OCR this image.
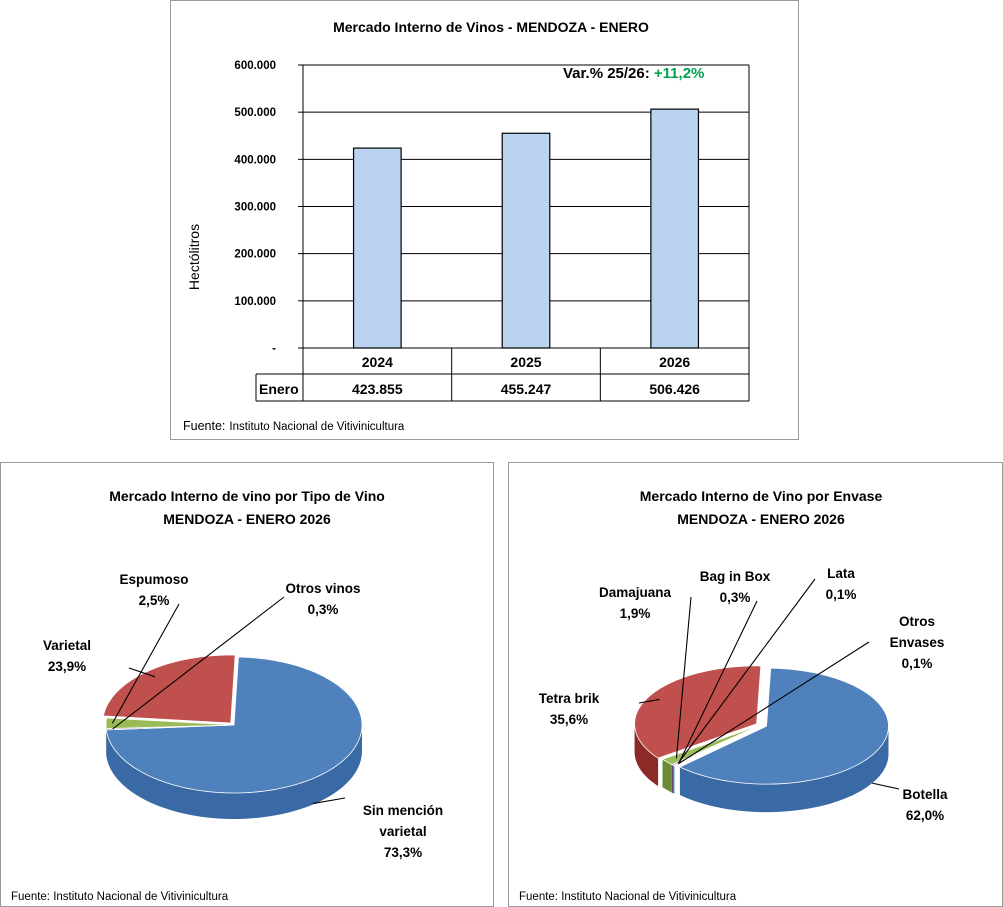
Mercado Interno de Vinos - MENDOZA - ENERO
-
100.000
200.000
300.000
400.000
500.000
600.000
Hectólitros
Var.% 25/26: +11,2%
2024
423.855
2025
455.247
2026
506.426
Enero
Fuente: Instituto Nacional de Vitivinicultura
Mercado Interno de vino por Tipo de Vino
MENDOZA - ENERO 2026
Sin mención
varietal
73,3%
Otros vinos
0,3%
Espumoso
2,5%
Varietal
23,9%
Fuente: Instituto Nacional de Vitivinicultura
Mercado Interno de Vino por Envase
MENDOZA - ENERO 2026
Botella
62,0%
Otros
Envases
0,1%
Lata
0,1%
Bag in Box
0,3%
Damajuana
1,9%
Tetra brik
35,6%
Fuente: Instituto Nacional de Vitivinicultura
